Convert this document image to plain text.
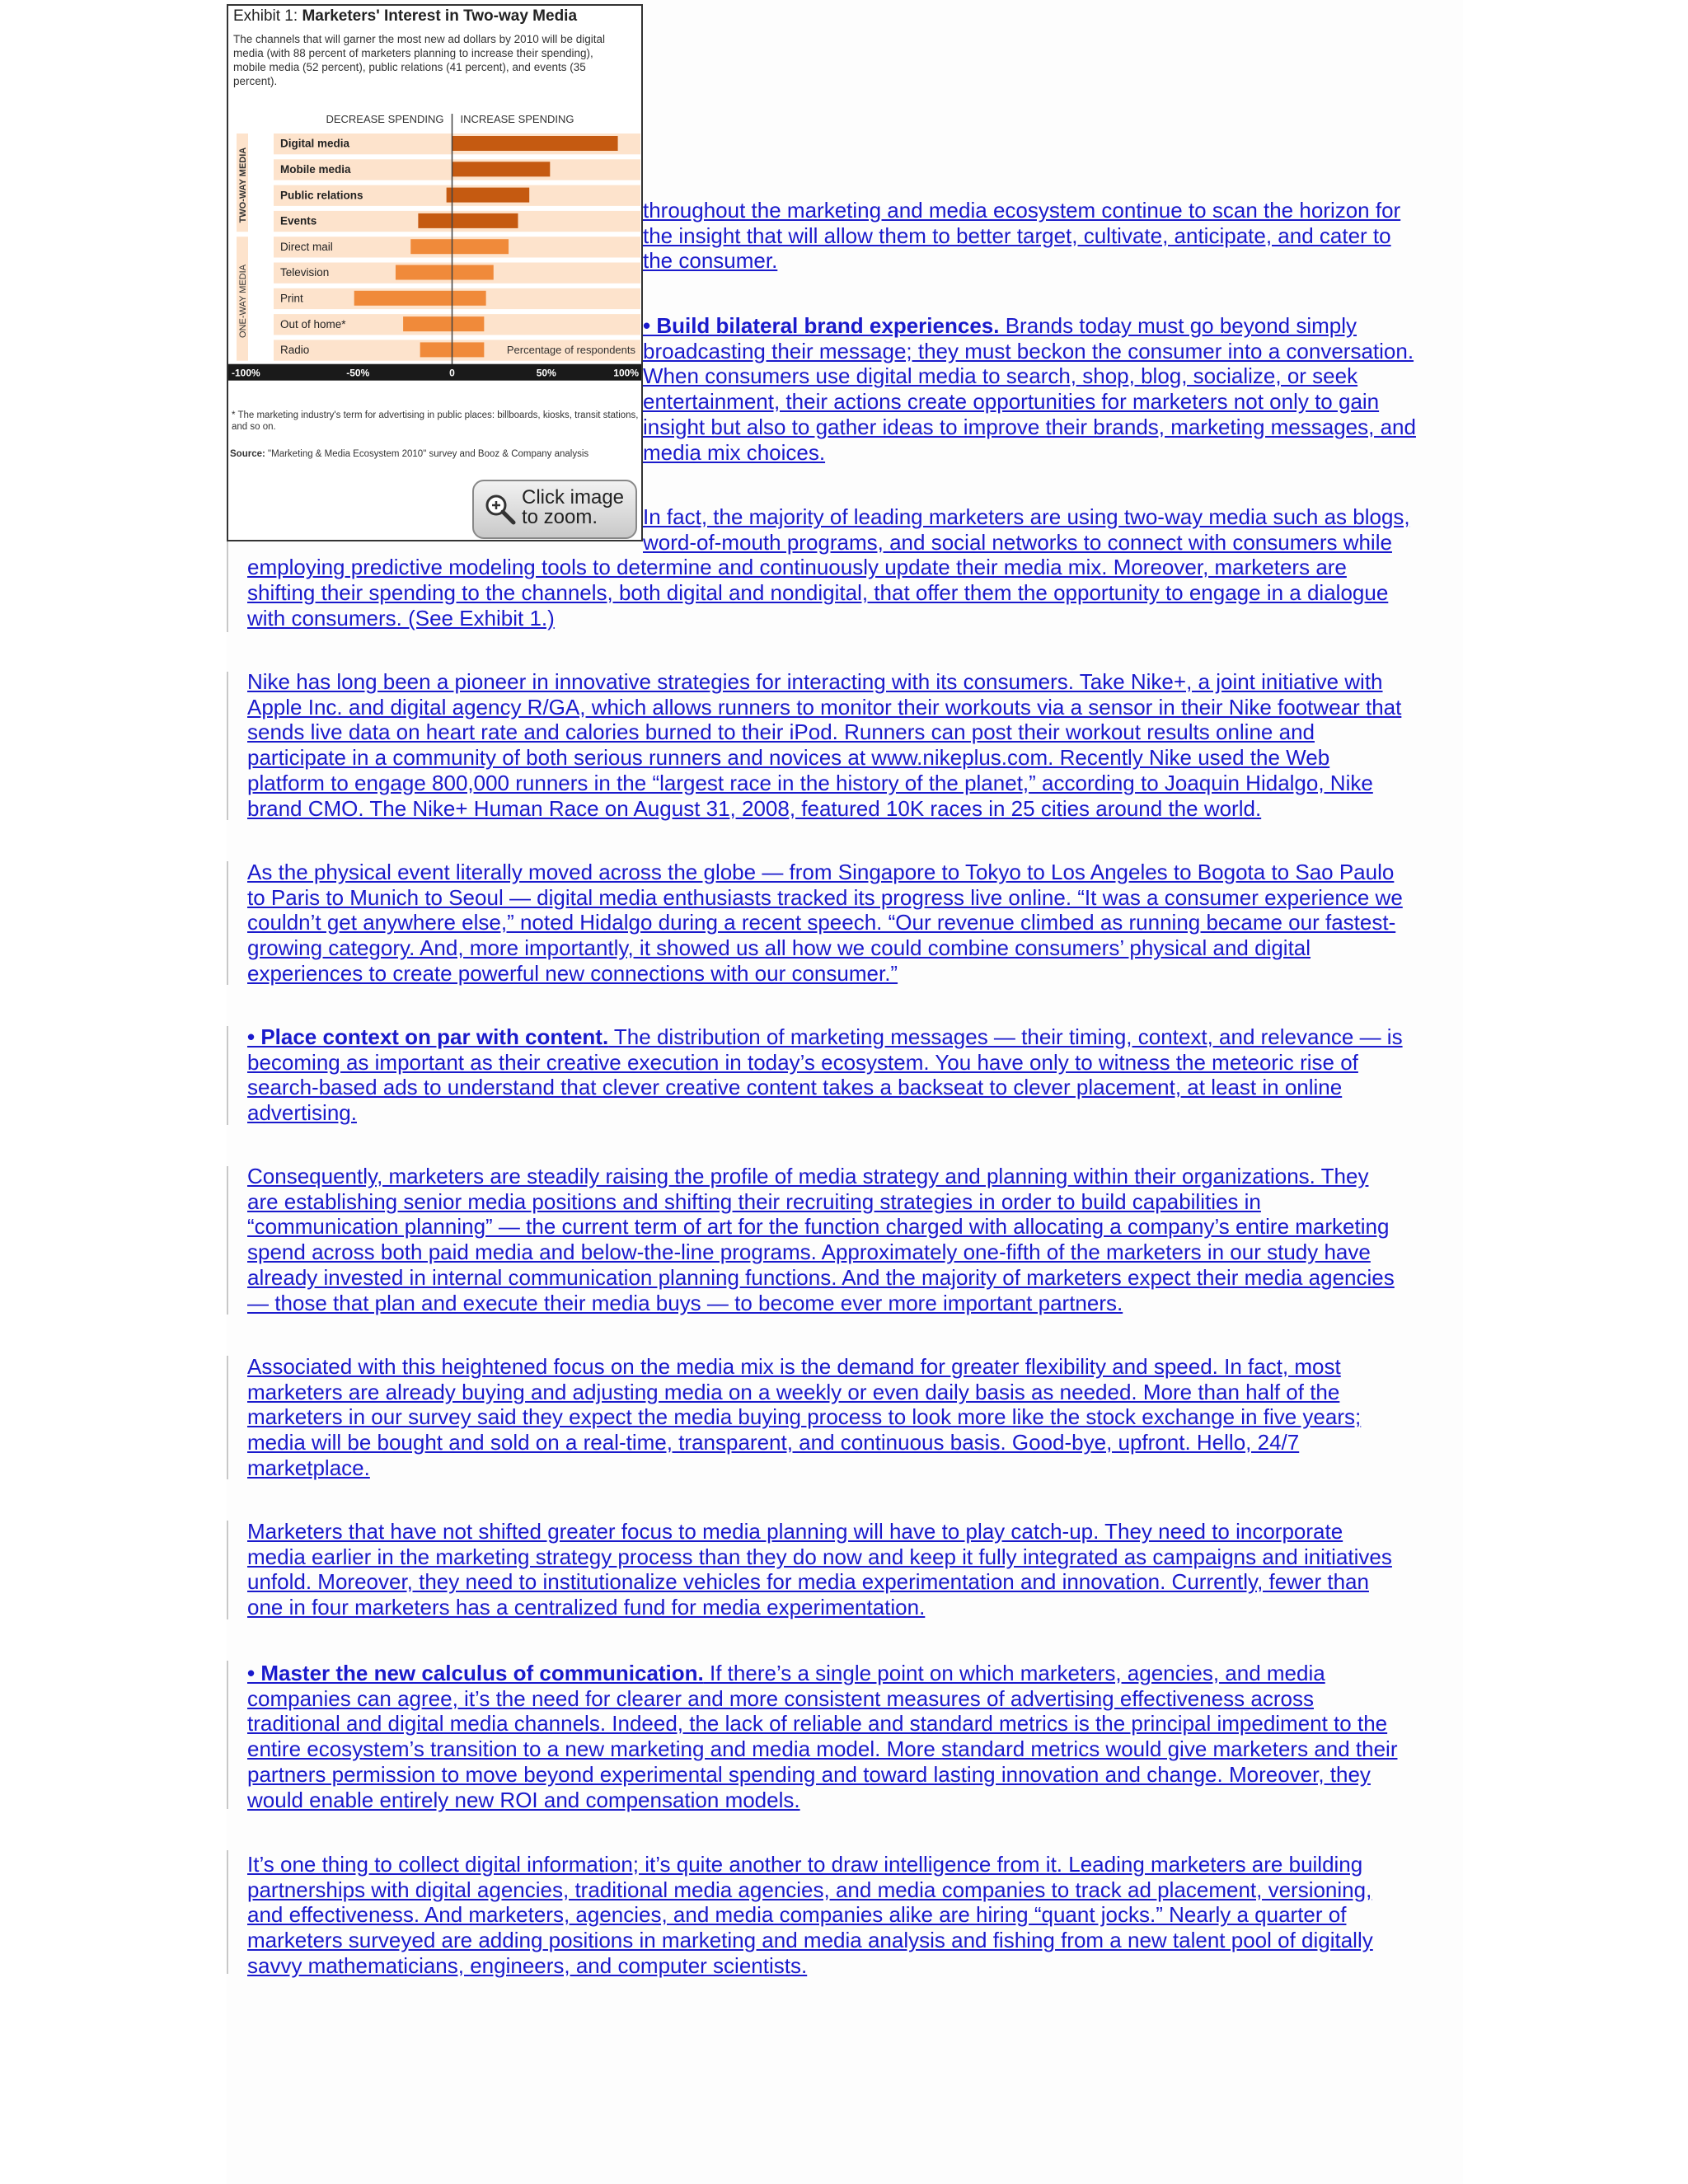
Exhibit 1: Marketers' Interest in Two-way Media
The channels that will garner the most new ad dollars by 2010 will be digital media (with 88 percent of marketers planning to increase their spending), mobile media (52 percent), public relations (41 percent), and events (35 percent).
DECREASE SPENDING INCREASE SPENDING
Digital media
Mobile media
Public relations
Events
Direct mail
Television
Print
Out of home*
Radio
TWO-WAY MEDIA
ONE-WAY MEDIA
Percentage of respondents
-100%	-50%	0	50%	100%
* The marketing industry's term for advertising in public places: billboards, kiosks, transit stations, and so on.
Source: "Marketing & Media Ecosystem 2010" survey and Booz & Company analysis
Click image to zoom.
throughout the marketing and media ecosystem continue to scan the horizon for
the insight that will allow them to better target, cultivate, anticipate, and cater to
the consumer.
• Build bilateral brand experiences. Brands today must go beyond simply
broadcasting their message; they must beckon the consumer into a conversation.
When consumers use digital media to search, shop, blog, socialize, or seek
entertainment, their actions create opportunities for marketers not only to gain
insight but also to gather ideas to improve their brands, marketing messages, and
media mix choices.
In fact, the majority of leading marketers are using two-way media such as blogs,
word-of-mouth programs, and social networks to connect with consumers while
employing predictive modeling tools to determine and continuously update their media mix. Moreover, marketers are
shifting their spending to the channels, both digital and nondigital, that offer them the opportunity to engage in a dialogue
with consumers. (See Exhibit 1.)
Nike has long been a pioneer in innovative strategies for interacting with its consumers. Take Nike+, a joint initiative with
Apple Inc. and digital agency R/GA, which allows runners to monitor their workouts via a sensor in their Nike footwear that
sends live data on heart rate and calories burned to their iPod. Runners can post their workout results online and
participate in a community of both serious runners and novices at www.nikeplus.com. Recently Nike used the Web
platform to engage 800,000 runners in the “largest race in the history of the planet,” according to Joaquin Hidalgo, Nike
brand CMO. The Nike+ Human Race on August 31, 2008, featured 10K races in 25 cities around the world.
As the physical event literally moved across the globe — from Singapore to Tokyo to Los Angeles to Bogota to Sao Paulo
to Paris to Munich to Seoul — digital media enthusiasts tracked its progress live online. “It was a consumer experience we
couldn’t get anywhere else,” noted Hidalgo during a recent speech. “Our revenue climbed as running became our fastest-
growing category. And, more importantly, it showed us all how we could combine consumers’ physical and digital
experiences to create powerful new connections with our consumer.”
• Place context on par with content. The distribution of marketing messages — their timing, context, and relevance — is
becoming as important as their creative execution in today’s ecosystem. You have only to witness the meteoric rise of
search-based ads to understand that clever creative content takes a backseat to clever placement, at least in online
advertising.
Consequently, marketers are steadily raising the profile of media strategy and planning within their organizations. They
are establishing senior media positions and shifting their recruiting strategies in order to build capabilities in
“communication planning” — the current term of art for the function charged with allocating a company’s entire marketing
spend across both paid media and below-the-line programs. Approximately one-fifth of the marketers in our study have
already invested in internal communication planning functions. And the majority of marketers expect their media agencies
— those that plan and execute their media buys — to become ever more important partners.
Associated with this heightened focus on the media mix is the demand for greater flexibility and speed. In fact, most
marketers are already buying and adjusting media on a weekly or even daily basis as needed. More than half of the
marketers in our survey said they expect the media buying process to look more like the stock exchange in five years;
media will be bought and sold on a real-time, transparent, and continuous basis. Good-bye, upfront. Hello, 24/7
marketplace.
Marketers that have not shifted greater focus to media planning will have to play catch-up. They need to incorporate
media earlier in the marketing strategy process than they do now and keep it fully integrated as campaigns and initiatives
unfold. Moreover, they need to institutionalize vehicles for media experimentation and innovation. Currently, fewer than
one in four marketers has a centralized fund for media experimentation.
• Master the new calculus of communication. If there’s a single point on which marketers, agencies, and media
companies can agree, it’s the need for clearer and more consistent measures of advertising effectiveness across
traditional and digital media channels. Indeed, the lack of reliable and standard metrics is the principal impediment to the
entire ecosystem’s transition to a new marketing and media model. More standard metrics would give marketers and their
partners permission to move beyond experimental spending and toward lasting innovation and change. Moreover, they
would enable entirely new ROI and compensation models.
It’s one thing to collect digital information; it’s quite another to draw intelligence from it. Leading marketers are building
partnerships with digital agencies, traditional media agencies, and media companies to track ad placement, versioning,
and effectiveness. And marketers, agencies, and media companies alike are hiring “quant jocks.” Nearly a quarter of
marketers surveyed are adding positions in marketing and media analysis and fishing from a new talent pool of digitally
savvy mathematicians, engineers, and computer scientists.
